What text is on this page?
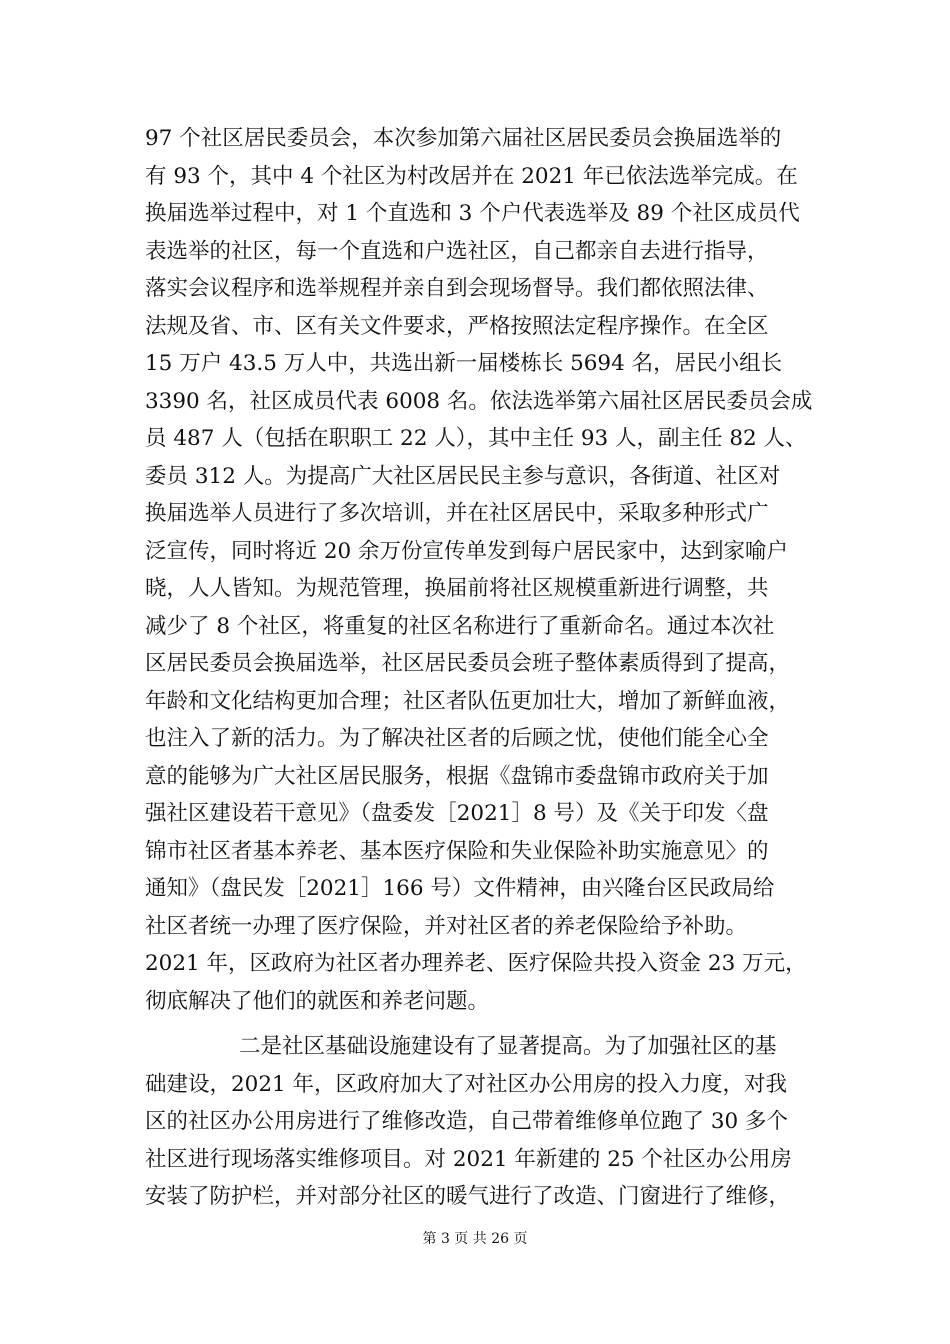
97 个社区居民委员会，本次参加第六届社区居民委员会换届选举的
有 93 个，其中 4 个社区为村改居并在 2021 年已依法选举完成。在
换届选举过程中，对 1 个直选和 3 个户代表选举及 89 个社区成员代
表选举的社区，每一个直选和户选社区，自己都亲自去进行指导，
落实会议程序和选举规程并亲自到会现场督导。我们都依照法律、
法规及省、市、区有关文件要求，严格按照法定程序操作。在全区
15 万户 43.5 万人中，共选出新一届楼栋长 5694 名，居民小组长
3390 名，社区成员代表 6008 名。依法选举第六届社区居民委员会成
员 487 人（包括在职职工 22 人），其中主任 93 人，副主任 82 人、
委员 312 人。为提高广大社区居民民主参与意识，各街道、社区对
换届选举人员进行了多次培训，并在社区居民中，采取多种形式广
泛宣传，同时将近 20 余万份宣传单发到每户居民家中，达到家喻户
晓，人人皆知。为规范管理，换届前将社区规模重新进行调整，共
减少了 8 个社区，将重复的社区名称进行了重新命名。通过本次社
区居民委员会换届选举，社区居民委员会班子整体素质得到了提高，
年龄和文化结构更加合理；社区者队伍更加壮大，增加了新鲜血液，
也注入了新的活力。为了解决社区者的后顾之忧，使他们能全心全
意的能够为广大社区居民服务，根据《盘锦市委盘锦市政府关于加
强社区建设若干意见》（盘委发［2021］8 号）及《关于印发〈盘
锦市社区者基本养老、基本医疗保险和失业保险补助实施意见〉的
通知》（盘民发［2021］166 号）文件精神，由兴隆台区民政局给
社区者统一办理了医疗保险，并对社区者的养老保险给予补助。
2021 年，区政府为社区者办理养老、医疗保险共投入资金 23 万元，
彻底解决了他们的就医和养老问题。
二是社区基础设施建设有了显著提高。为了加强社区的基
础建设，2021 年，区政府加大了对社区办公用房的投入力度，对我
区的社区办公用房进行了维修改造，自己带着维修单位跑了 30 多个
社区进行现场落实维修项目。对 2021 年新建的 25 个社区办公用房
安装了防护栏，并对部分社区的暖气进行了改造、门窗进行了维修，
第 3 页 共 26 页
